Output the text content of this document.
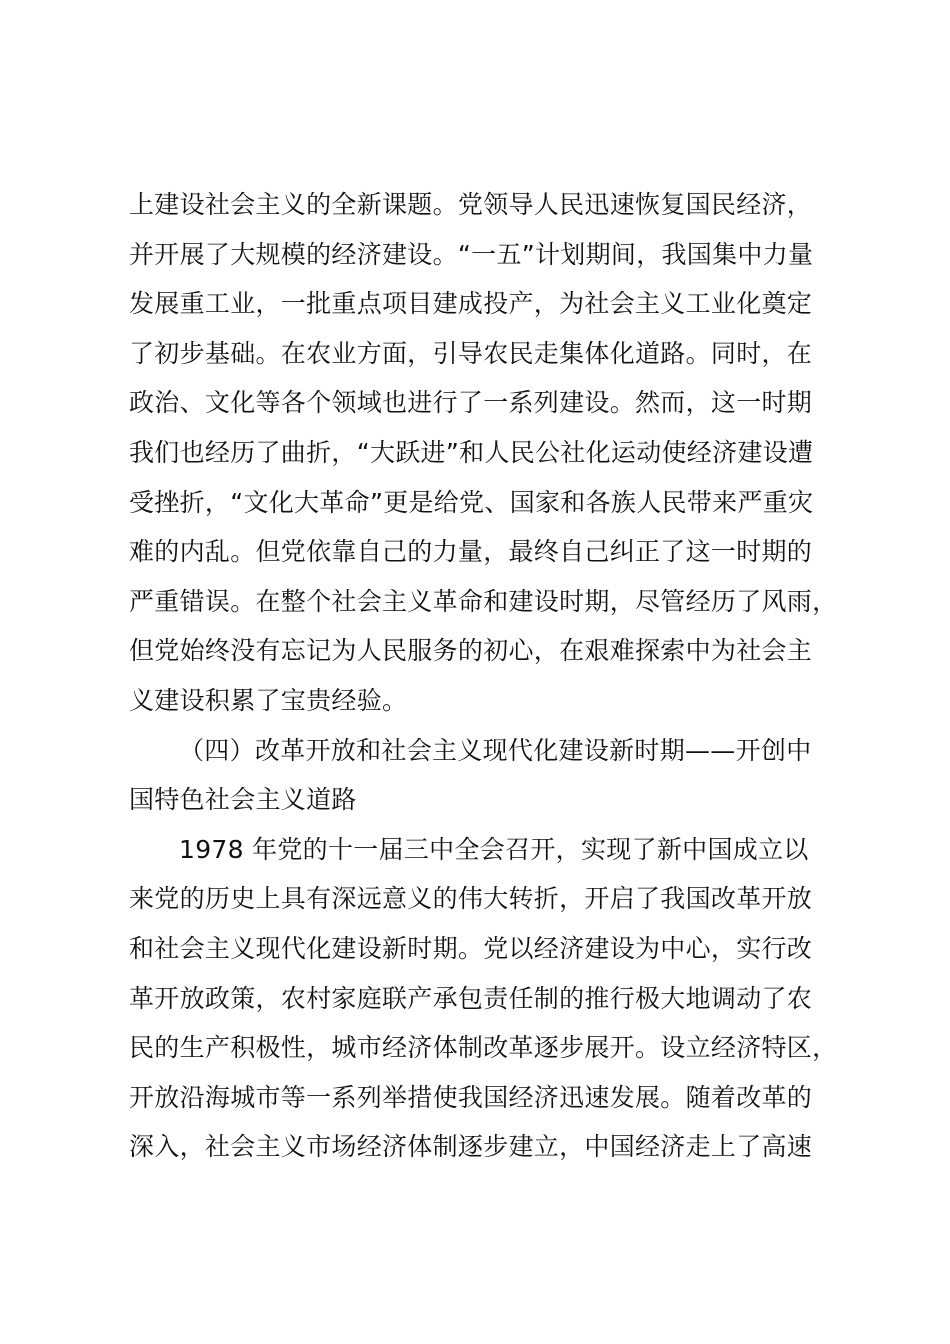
上建设社会主义的全新课题。党领导人民迅速恢复国民经济，
并开展了大规模的经济建设。“一五”计划期间，我国集中力量
发展重工业，一批重点项目建成投产，为社会主义工业化奠定
了初步基础。在农业方面，引导农民走集体化道路。同时，在
政治、文化等各个领域也进行了一系列建设。然而，这一时期
我们也经历了曲折，“大跃进”和人民公社化运动使经济建设遭
受挫折，“文化大革命”更是给党、国家和各族人民带来严重灾
难的内乱。但党依靠自己的力量，最终自己纠正了这一时期的
严重错误。在整个社会主义革命和建设时期，尽管经历了风雨，
但党始终没有忘记为人民服务的初心，在艰难探索中为社会主
义建设积累了宝贵经验。
（四）改革开放和社会主义现代化建设新时期——开创中
国特色社会主义道路
1978 年党的十一届三中全会召开，实现了新中国成立以
来党的历史上具有深远意义的伟大转折，开启了我国改革开放
和社会主义现代化建设新时期。党以经济建设为中心，实行改
革开放政策，农村家庭联产承包责任制的推行极大地调动了农
民的生产积极性，城市经济体制改革逐步展开。设立经济特区，
开放沿海城市等一系列举措使我国经济迅速发展。随着改革的
深入，社会主义市场经济体制逐步建立，中国经济走上了高速
